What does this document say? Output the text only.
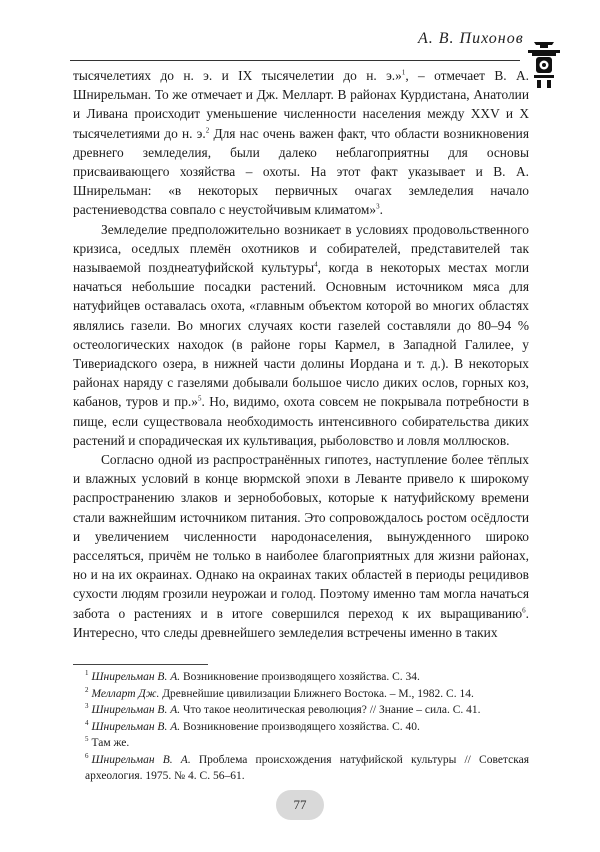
А. В. Пихонов

тысячелетиях до н. э. и IX тысячелетии до н. э.»$^1$, – отмечает В. А. Шнирельман. То же отмечает и Дж. Мелларт. В районах Курдистана, Анатолии и Ливана происходит уменьшение численности населения между XXV и X тысячелетиями до н. э.$^2$ Для нас очень важен факт, что области возникновения древнего земледелия, были далеко неблагоприятны для основы присваивающего хозяйства – охоты. На этот факт указывает и В. А. Шнирельман: «в некоторых первичных очагах земледелия начало растениеводства совпало с неустойчивым климатом»$^3$.

Земледелие предположительно возникает в условиях продовольственного кризиса, оседлых племён охотников и собирателей, представителей так называемой позднеатуфийской культуры$^4$, когда в некоторых местах могли начаться небольшие посадки растений. Основным источником мяса для натуфийцев оставалась охота, «главным объектом которой во многих областях являлись газели. Во многих случаях кости газелей составляли до 80–94 % остеологических находок (в районе горы Кармел, в Западной Галилее, у Тивериадского озера, в нижней части долины Иордана и т. д.). В некоторых районах наряду с газелями добывали большое число диких ослов, горных коз, кабанов, туров и пр.»$^5$. Но, видимо, охота совсем не покрывала потребности в пище, если существовала необходимость интенсивного собирательства диких растений и спорадическая их культивация, рыболовство и ловля моллюсков.

Согласно одной из распространённых гипотез, наступление более тёплых и влажных условий в конце вюрмской эпохи в Леванте привело к широкому распространению злаков и зернобобовых, которые к натуфийскому времени стали важнейшим источником питания. Это сопровождалось ростом осёдлости и увеличением численности народонаселения, вынужденного широко расселяться, причём не только в наиболее благоприятных для жизни районах, но и на их окраинах. Однако на окраинах таких областей в периоды рецидивов сухости людям грозили неурожаи и голод. Поэтому именно там могла начаться забота о растениях и в итоге совершился переход к их выращиванию$^6$. Интересно, что следы древнейшего земледелия встречены именно в таких

$^1$ Шнирельман В. А. Возникновение производящего хозяйства. С. 34.

$^2$ Мелларт Дж. Древнейшие цивилизации Ближнего Востока. – М., 1982. С. 14.

$^3$ Шнирельман В. А. Что такое неолитическая революция? // Знание – сила. С. 41.

$^4$ Шнирельман В. А. Возникновение производящего хозяйства. С. 40.

$^5$ Там же.

$^6$ Шнирельман В. А. Проблема происхождения натуфийской культуры // Советская археология. 1975. № 4. С. 56–61.

77
